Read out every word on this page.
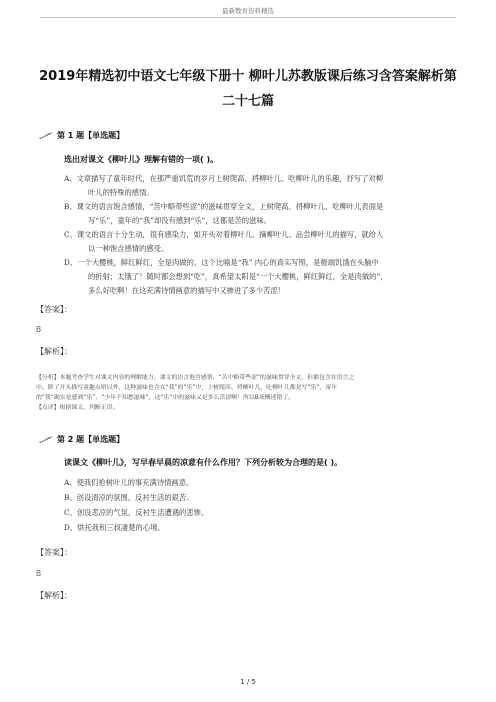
最新教育资料精选
2019年精选初中语文七年级下册十 柳叶儿苏教版课后练习含答案解析第二十七篇
第 1 题【单选题】
选出对课文《柳叶儿》理解有错的一项( )。
A、文章描写了童年时代，在那严重饥荒的岁月上树爬高、捋柳叶儿、吃柳叶儿的乐趣，抒写了对柳
叶儿的特殊的感情。
B、课文的语言饱含感情，“苦中略带些涩”的滋味贯穿全文，上树爬高、捋柳叶儿、吃柳叶儿表面是
写“乐”，童年的“我”却没有感到“乐”，这都是苦的滋味。
C、课文的语言十分生动，很有感染力，如开头对着柳叶儿、摘柳叶儿、品尝柳叶儿的描写，就给人
以一种饱含感情的感受。
D、一个大樱桃，鲜红鲜红，全是肉做的。这个比喻是“我” 内心的真实写照，是极端饥饿在头脑中
的折射；太饿了！随时都会想到“吃”，真希望太阳是“一个大樱桃，鲜红鲜红，全是肉做的”，
多么好吃啊！在这充满诗情画意的描写中又掺进了多少苦涩！
【答案】：
B
【解析】：
【分析】本题考查学生对课文内容的理解能力。课文的语言饱含感情，“苦中略带些涩”的滋味贯穿全文，但都包含在语言之
中。除了开头描写童趣点明以外，这种滋味也含在“我”的“乐”中，上树爬高、捋柳叶儿、吃柳叶儿都是写“乐”，童年
的“我”确实是感到“乐”，“少年不知愁滋味”，这“乐”中的滋味又是多么苦涩啊！所以B项概述错了。
【点评】根据课文，判断正误。
第 2 题【单选题】
读课文《柳叶儿》，写早春早晨的凉意有什么作用？下列分析较为合理的是( )。
A、使我们抢树叶儿的事充满诗情画意。
B、创设清凉的氛围，反衬生活的艰苦。
C、创设悲凉的气氛，反衬生活遭遇的悲惨。
D、烘托我和三叔凄楚的心境。
【答案】：
B
【解析】：
1 / 5
